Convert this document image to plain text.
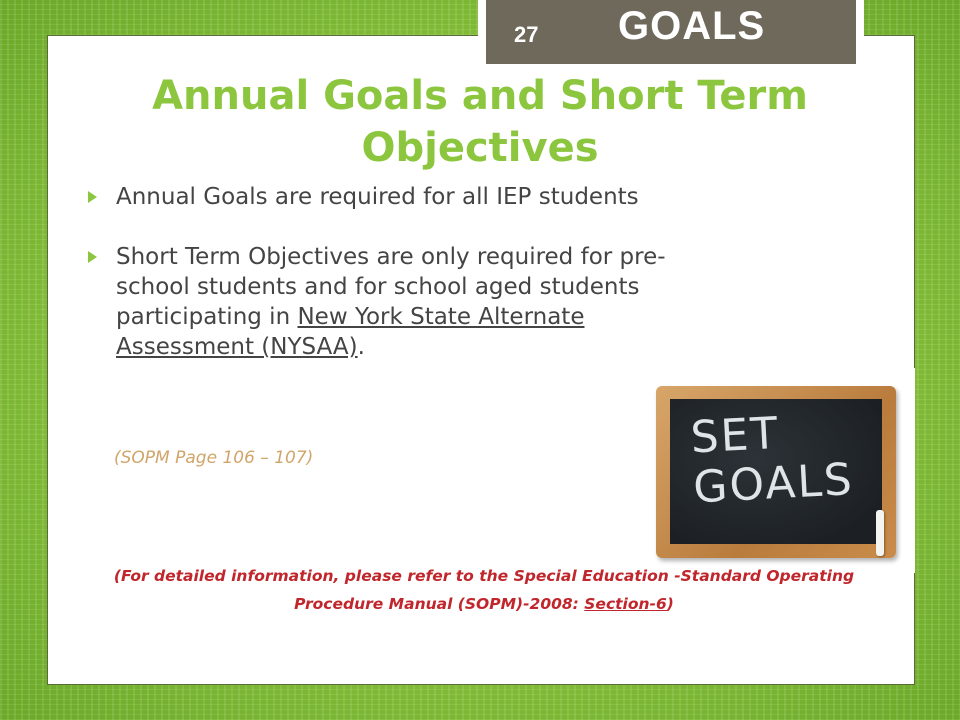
27 GOALS
Annual Goals and Short Term Objectives
Annual Goals are required for all IEP students
Short Term Objectives are only required for pre-school students and for school aged students participating in New York State Alternate Assessment (NYSAA).
(SOPM Page 106 – 107)	SET GOALS
(For detailed information, please refer to the Special Education -Standard Operating Procedure Manual (SOPM)-2008: Section-6)
